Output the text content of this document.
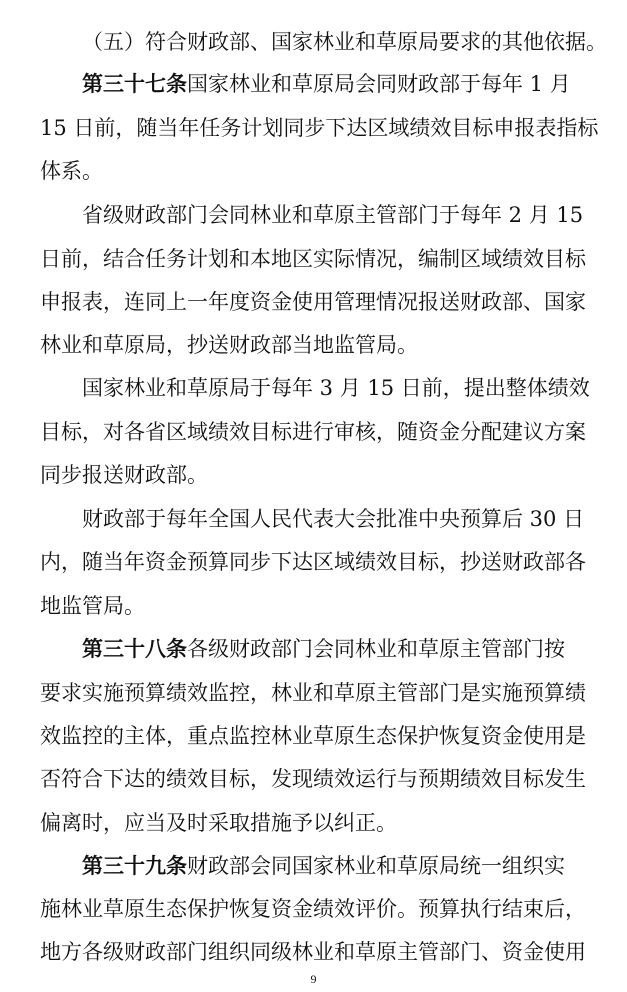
（五）符合财政部、国家林业和草原局要求的其他依据。
第三十七条国家林业和草原局会同财政部于每年 1 月
15 日前，随当年任务计划同步下达区域绩效目标申报表指标
体系。
省级财政部门会同林业和草原主管部门于每年 2 月 15
日前，结合任务计划和本地区实际情况，编制区域绩效目标
申报表，连同上一年度资金使用管理情况报送财政部、国家
林业和草原局，抄送财政部当地监管局。
国家林业和草原局于每年 3 月 15 日前，提出整体绩效
目标，对各省区域绩效目标进行审核，随资金分配建议方案
同步报送财政部。
财政部于每年全国人民代表大会批准中央预算后 30 日
内，随当年资金预算同步下达区域绩效目标，抄送财政部各
地监管局。
第三十八条各级财政部门会同林业和草原主管部门按
要求实施预算绩效监控，林业和草原主管部门是实施预算绩
效监控的主体，重点监控林业草原生态保护恢复资金使用是
否符合下达的绩效目标，发现绩效运行与预期绩效目标发生
偏离时，应当及时采取措施予以纠正。
第三十九条财政部会同国家林业和草原局统一组织实
施林业草原生态保护恢复资金绩效评价。预算执行结束后，
地方各级财政部门组织同级林业和草原主管部门、资金使用
9
